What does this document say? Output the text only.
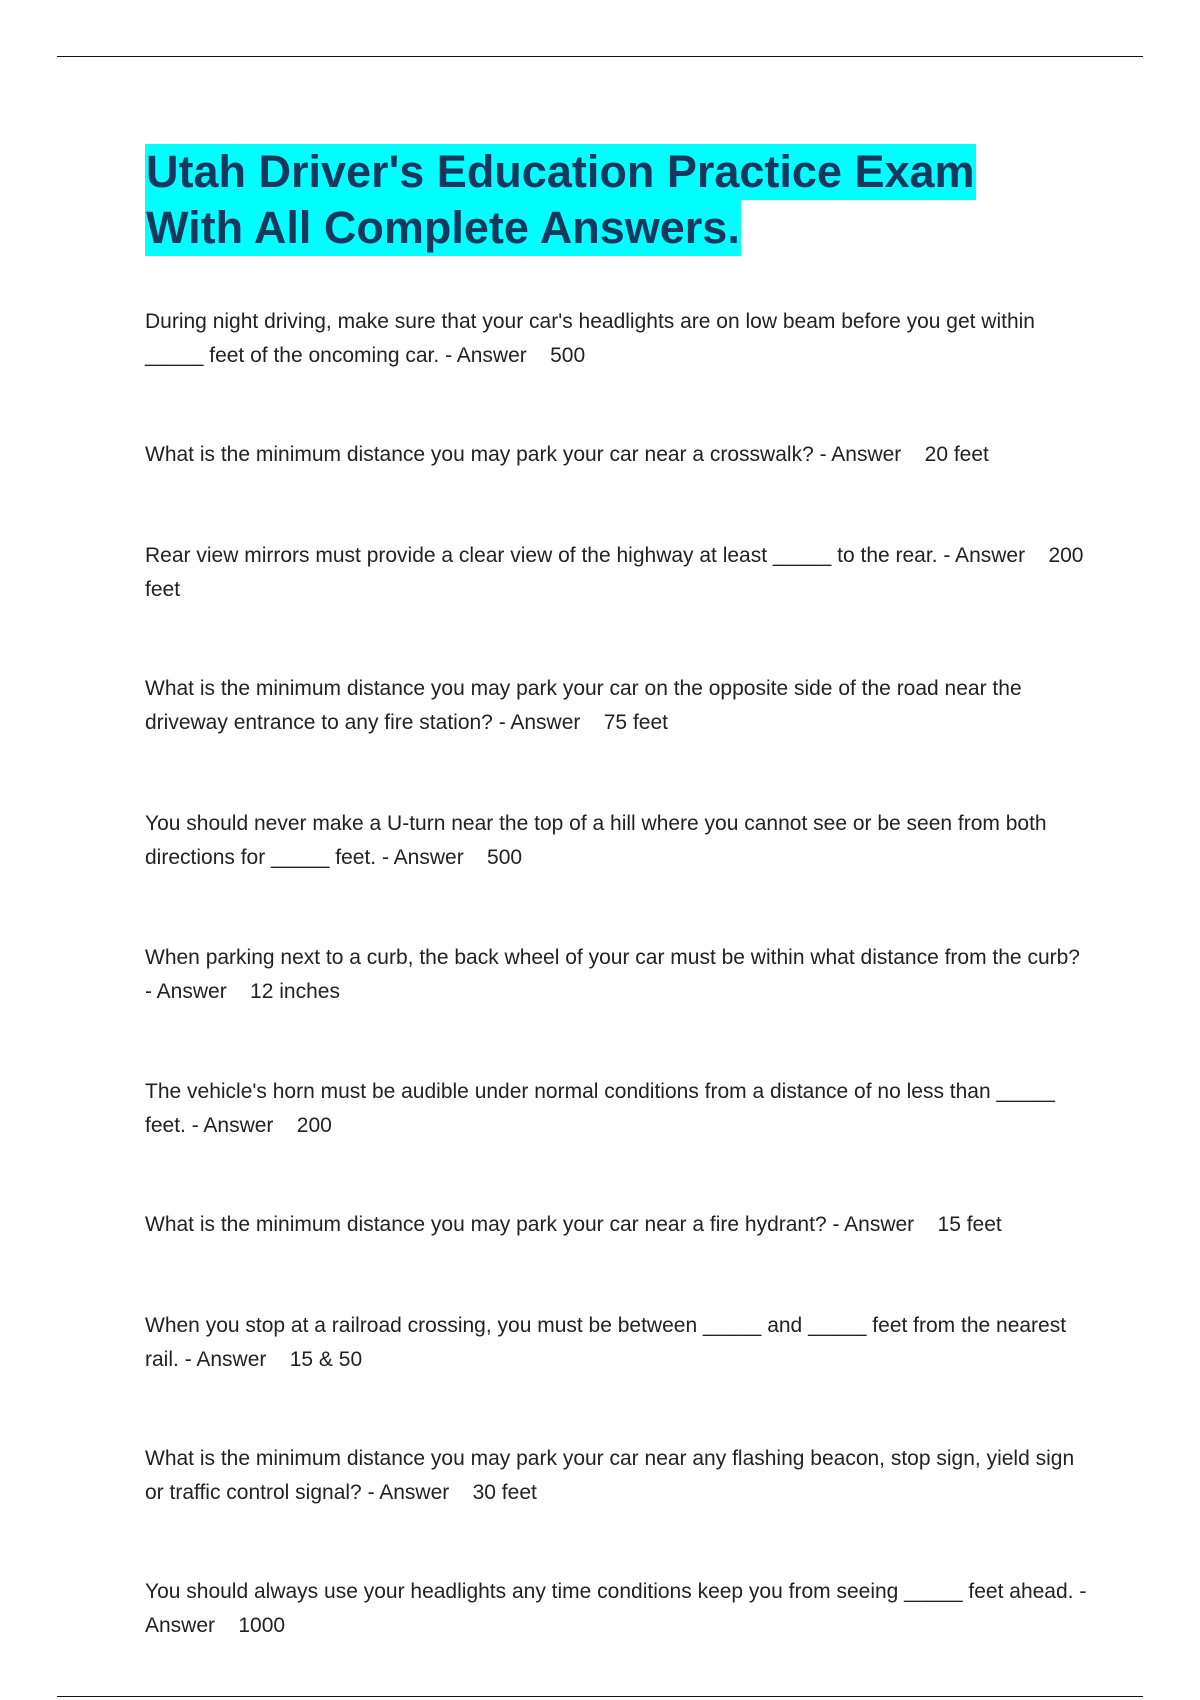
Utah Driver's Education Practice Exam
With All Complete Answers.

During night driving, make sure that your car's headlights are on low beam before you get within _____ feet of the oncoming car. - Answer 500

What is the minimum distance you may park your car near a crosswalk? - Answer 20 feet

Rear view mirrors must provide a clear view of the highway at least _____ to the rear. - Answer 200 feet

What is the minimum distance you may park your car on the opposite side of the road near the driveway entrance to any fire station? - Answer 75 feet

You should never make a U-turn near the top of a hill where you cannot see or be seen from both directions for _____ feet. - Answer 500

When parking next to a curb, the back wheel of your car must be within what distance from the curb? - Answer 12 inches

The vehicle's horn must be audible under normal conditions from a distance of no less than _____ feet. - Answer 200

What is the minimum distance you may park your car near a fire hydrant? - Answer 15 feet

When you stop at a railroad crossing, you must be between _____ and _____ feet from the nearest rail. - Answer 15 & 50

What is the minimum distance you may park your car near any flashing beacon, stop sign, yield sign or traffic control signal? - Answer 30 feet

You should always use your headlights any time conditions keep you from seeing _____ feet ahead. - Answer 1000
